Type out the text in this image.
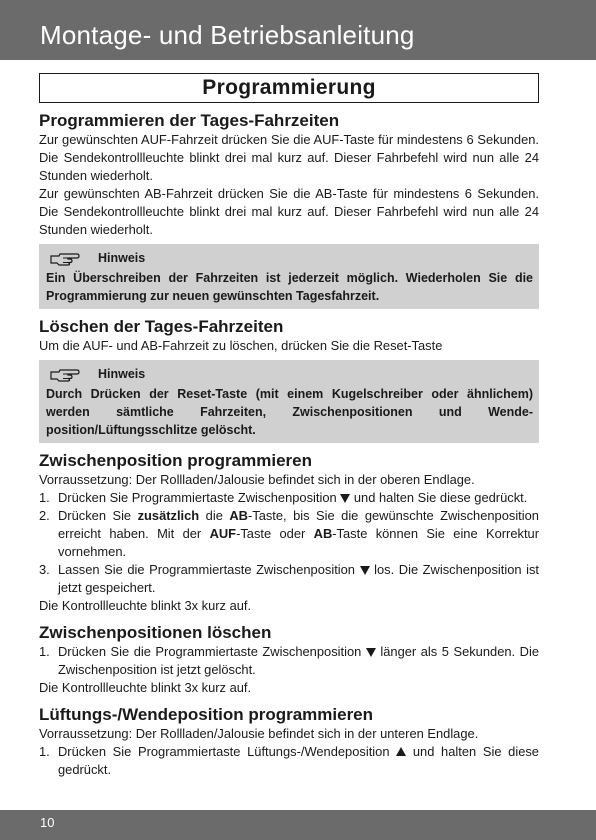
Montage- und Betriebsanleitung
Programmierung
Programmieren der Tages-Fahrzeiten

Zur gewünschten AUF-Fahrzeit drücken Sie die AUF-Taste für mindestens 6 Sekunden. Die Sendekontrollleuchte blinkt drei mal kurz auf. Dieser Fahrbefehl wird nun alle 24 Stunden wiederholt.

Zur gewünschten AB-Fahrzeit drücken Sie die AB-Taste für mindestens 6 Sekunden. Die Sendekontrollleuchte blinkt drei mal kurz auf. Dieser Fahrbefehl wird nun alle 24 Stunden wiederholt.

Hinweis
Ein Überschreiben der Fahrzeiten ist jederzeit möglich. Wiederholen Sie die Programmierung zur neuen gewünschten Tagesfahrzeit.
Löschen der Tages-Fahrzeiten

Um die AUF- und AB-Fahrzeit zu löschen, drücken Sie die Reset-Taste

Hinweis
Durch Drücken der Reset-Taste (mit einem Kugelschreiber oder ähnlichem) werden sämtliche Fahrzeiten, Zwischenpositionen und Wendeposition/Lüftungsschlitze gelöscht.
Zwischenposition programmieren

Vorraussetzung: Der Rollladen/Jalousie befindet sich in der oberen Endlage.

1. Drücken Sie Programmiertaste Zwischenposition und halten Sie diese gedrückt.
2. Drücken Sie zusätzlich die AB-Taste, bis Sie die gewünschte Zwischenposition erreicht haben. Mit der AUF-Taste oder AB-Taste können Sie eine Korrektur vornehmen.
3. Lassen Sie die Programmiertaste Zwischenposition los. Die Zwischenposition ist jetzt gespeichert.

Die Kontrollleuchte blinkt 3x kurz auf.

Zwischenpositionen löschen
1. Drücken Sie die Programmiertaste Zwischenposition länger als 5 Sekunden. Die Zwischenposition ist jetzt gelöscht.

Die Kontrollleuchte blinkt 3x kurz auf.

Lüftungs-/Wendeposition programmieren

Vorraussetzung: Der Rollladen/Jalousie befindet sich in der unteren Endlage.

1. Drücken Sie Programmiertaste Lüftungs-/Wendeposition und halten Sie diese gedrückt.
10
